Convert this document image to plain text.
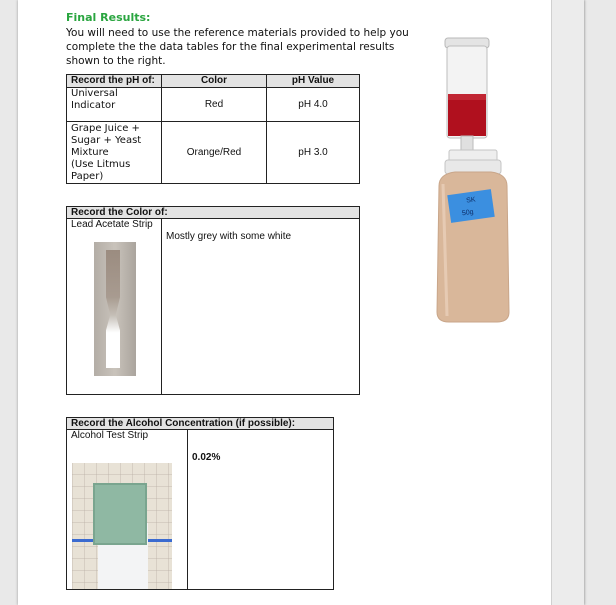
Final Results:
You will need to use the reference materials provided to help you complete the the data tables for the final experimental results shown to the right.
Record the pH of:	Color	pH Value

Universal
Indicator	Red	pH 4.0

Grape Juice +
Sugar + Yeast
Mixture
(Use Litmus
Paper)	Orange/Red	pH 3.0
Record the Color of:
Lead Acetate Strip	Mostly grey with some white
Record the Alcohol Concentration (if possible):
Alcohol Test Strip	0.02%
SK
50g
